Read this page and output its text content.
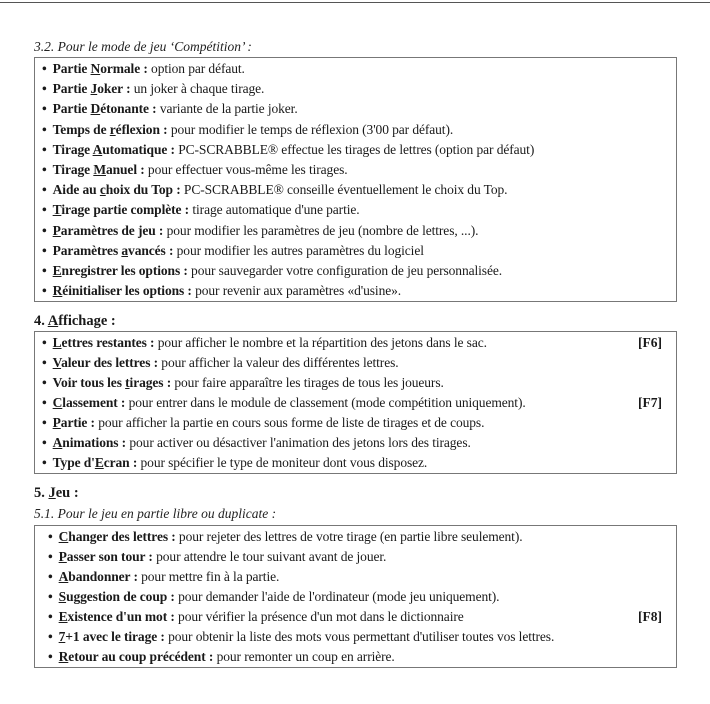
3.2. Pour le mode de jeu ‘Compétition’ :
• Partie Normale : option par défaut.
• Partie Joker : un joker à chaque tirage.
• Partie Détonante : variante de la partie joker.
• Temps de réflexion : pour modifier le temps de réflexion (3'00 par défaut).
• Tirage Automatique : PC-SCRABBLE® effectue les tirages de lettres (option par défaut)
• Tirage Manuel : pour effectuer vous-même les tirages.
• Aide au choix du Top : PC-SCRABBLE® conseille éventuellement le choix du Top.
• Tirage partie complète : tirage automatique d'une partie.
• Paramètres de jeu : pour modifier les paramètres de jeu (nombre de lettres, ...).
• Paramètres avancés : pour modifier les autres paramètres du logiciel
• Enregistrer les options : pour sauvegarder votre configuration de jeu personnalisée.
• Réinitialiser les options : pour revenir aux paramètres «d'usine».
4. Affichage :
• Lettres restantes : pour afficher le nombre et la répartition des jetons dans le sac.	[F6]
• Valeur des lettres : pour afficher la valeur des différentes lettres.
• Voir tous les tirages : pour faire apparaître les tirages de tous les joueurs.
• Classement : pour entrer dans le module de classement (mode compétition uniquement).	[F7]
• Partie : pour afficher la partie en cours sous forme de liste de tirages et de coups.
• Animations : pour activer ou désactiver l'animation des jetons lors des tirages.
• Type d'Ecran : pour spécifier le type de moniteur dont vous disposez.
5. Jeu :
5.1. Pour le jeu en partie libre ou duplicate :
• Changer des lettres : pour rejeter des lettres de votre tirage (en partie libre seulement).
• Passer son tour : pour attendre le tour suivant avant de jouer.
• Abandonner : pour mettre fin à la partie.
• Suggestion de coup : pour demander l'aide de l'ordinateur (mode jeu uniquement).
• Existence d'un mot : pour vérifier la présence d'un mot dans le dictionnaire	[F8]
• 7+1 avec le tirage : pour obtenir la liste des mots vous permettant d'utiliser toutes vos lettres.
• Retour au coup précédent : pour remonter un coup en arrière.
